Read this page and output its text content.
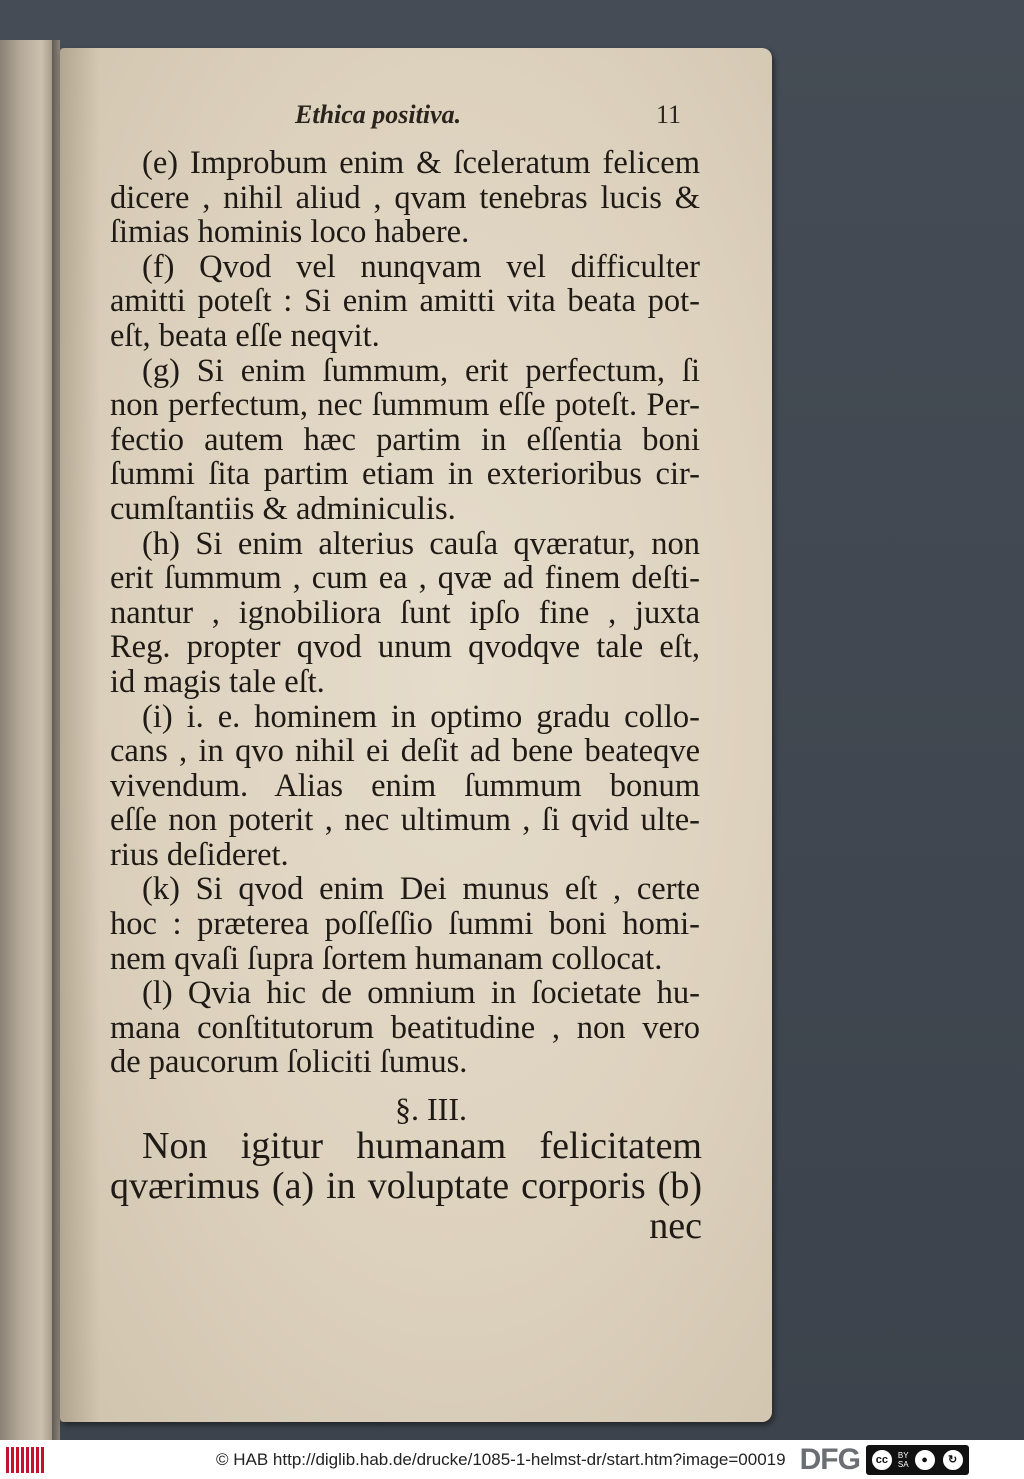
Ethica positiva.	11
(e) Improbum enim & ſceleratum felicem
dicere , nihil aliud , qvam tenebras lucis &
ſimias hominis loco habere.
(f) Qvod vel nunqvam vel difficulter
amitti poteſt : Si enim amitti vita beata pot-
eſt, beata eſſe neqvit.
(g) Si enim ſummum, erit perfectum, ſi
non perfectum, nec ſummum eſſe poteſt. Per-
fectio autem hæc partim in eſſentia boni
ſummi ſita partim etiam in exterioribus cir-
cumſtantiis & adminiculis.
(h) Si enim alterius cauſa qværatur, non
erit ſummum , cum ea , qvæ ad finem deſti-
nantur , ignobiliora ſunt ipſo fine , juxta
Reg. propter qvod unum qvodqve tale eſt,
id magis tale eſt.
(i) i. e. hominem in optimo gradu collo-
cans , in qvo nihil ei deſit ad bene beateqve
vivendum. Alias enim ſummum bonum
eſſe non poterit , nec ultimum , ſi qvid ulte-
rius deſideret.
(k) Si qvod enim Dei munus eſt , certe
hoc : præterea poſſeſſio ſummi boni homi-
nem qvaſi ſupra ſortem humanam collocat.
(l) Qvia hic de omnium in ſocietate hu-
mana conſtitutorum beatitudine , non vero
de paucorum ſoliciti ſumus.
§. III.
Non igitur humanam felicitatem
qværimus (a) in voluptate corporis (b)
nec
© HAB http://diglib.hab.de/drucke/1085-1-helmst-dr/start.htm?image=00019 DFG	cc	BY
SA	●	↻
